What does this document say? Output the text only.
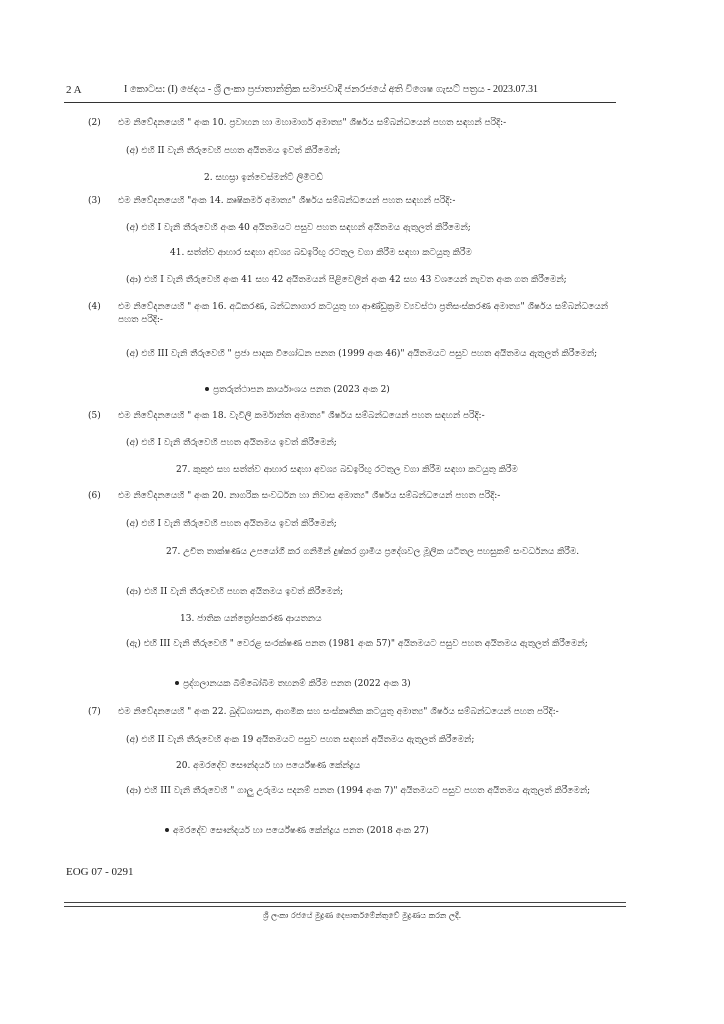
2 A	I කොටස: (I) ඡෙදය - ශ්‍රී ලංකා ප්‍රජාතාන්ත්‍රික සමාජවාදී ජනරජයේ අති විශෙෂ ගැසට් පත්‍රය - 2023.07.31
(2) එම නිවේදනයෙහි " අංක 10. ප්‍රවාහන හා මහාමාර්ග අමාත්‍ය" ශීර්ෂය සම්බන්ධයෙන් පහත සඳහන් පරිදි:-
(අ) එහි II වැනි තීරුවෙහි පහත අයිතමය ඉවත් කිරීමෙන්;
2. සහස්‍රා ඉන්වෙස්මන්ට් ලිමිටඩ්
(3) එම නිවේදනයෙහි "අංක 14. කෘෂිකර්ම අමාත්‍ය" ශීර්ෂය සම්බන්ධයෙන් පහත සඳහන් පරිදි:-
(අ) එහි I වැනි තීරුවෙහි අංක 40 අයිතමයට පසුව පහත සඳහන් අයිතමය ඇතුලත් කිරීමෙන්;
41. සත්ත්ව ආහාර සඳහා අවශ්‍ය බඩඉරිඟු රටතුල වගා කිරීම සඳහා කටයුතු කිරීම
(ආ) එහි I වැනි තීරුවෙහි අංක 41 සහ 42 අයිතමයන් පිළිවෙලින් අංක 42 සහ 43 වශයෙන් නැවත අංක ගත කිරීමෙන්;
(4) එම නිවේදනයෙහි " අංක 16. අධිකරණ, බන්ධනාගාර කටයුතු හා ආණ්ඩුක්‍රම ව්‍යවස්ථා ප්‍රතිසංස්කරණ අමාත්‍ය" ශීර්ෂය සම්බන්ධයෙන් පහත පරිදි:-
(අ) එහි III වැනි තීරුවෙහි " ප්‍රජා පාදක විශෝධන පනත (1999 අංක 46)" අයිතමයට පසුව පහත අයිතමය ඇතුලත් කිරීමෙන්;
ප්‍රතරුත්ථාපන කාර්යාංශය පනත (2023 අංක 2)
(5) එම නිවේදනයෙහි " අංක 18. වැවිලි කර්මාන්ත අමාත්‍ය" ශීර්ෂය සම්බන්ධයෙන් පහත සඳහන් පරිදි:-
(අ) එහි I වැනි තීරුවෙහි පහත අයිතමය ඉවත් කිරීමෙන්;
27. කුකුළු සහ සත්ත්ව ආහාර සඳහා අවශ්‍ය බඩඉරිඟු රටතුල වගා කිරීම සඳහා කටයුතු කිරීම
(6) එම නිවේදනයෙහි " අංක 20. නාගරික සංවර්ධන හා නිවාස අමාත්‍ය" ශීර්ෂය සම්බන්ධයෙන් පහත පරිදි:-
(අ) එහි I වැනි තීරුවෙහි පහත අයිතමය ඉවත් කිරීමෙන්;
27. උචිත තාක්ෂණය උපයෝගී කර ගනිමින් දුෂ්කර ග්‍රාමීය ප්‍රදේශවල මූලික යටිතල පහසුකම් සංවර්ධනය කිරීම.
(ආ) එහි II වැනි තීරුවෙහි පහත අයිතමය ඉවත් කිරීමෙන්;
13. ජාතික යන්ත්‍රෝපකරණ ආයතනය
(ඇ) එහි III වැනි තීරුවෙහි " වෙරළ සංරක්ෂණ පනත (1981 අංක 57)" අයිතමයට පසුව පහත අයිතමය ඇතුලත් කිරීමෙන්;
ප්‍රද්ගලානයක බිම්බෝබිම තහනම් කිරීම පනත (2022 අංක 3)
(7) එම නිවේදනයෙහි " අංක 22. බුද්ධශාසන, ආගමික සහ සංස්කෘතික කටයුතු අමාත්‍ය" ශීර්ෂය සම්බන්ධයෙන් පහත පරිදි:-
(අ) එහි II වැනි තීරුවෙහි අංක 19 අයිතමයට පසුව පහත සඳහන් අයිතමය ඇතුලත් කිරීමෙන්;
20. අමරදේව සෞන්දර්ය හා පර්යේෂණ කේන්ද්‍රය
(ආ) එහි III වැනි තීරුවෙහි " ගාලු උරුමය පදනම් පනත (1994 අංක 7)" අයිතමයට පසුව පහත අයිතමය ඇතුලත් කිරීමෙන්;
අමරදේව සෞන්දර්ය හා පර්යේෂණ කේන්ද්‍රය පනත (2018 අංක 27)
EOG 07 - 0291
ශ්‍රී ලංකා රජයේ මුද්‍රණ දෙපාර්තමේන්තුවේ මුද්‍රණය කරන ලදී.
